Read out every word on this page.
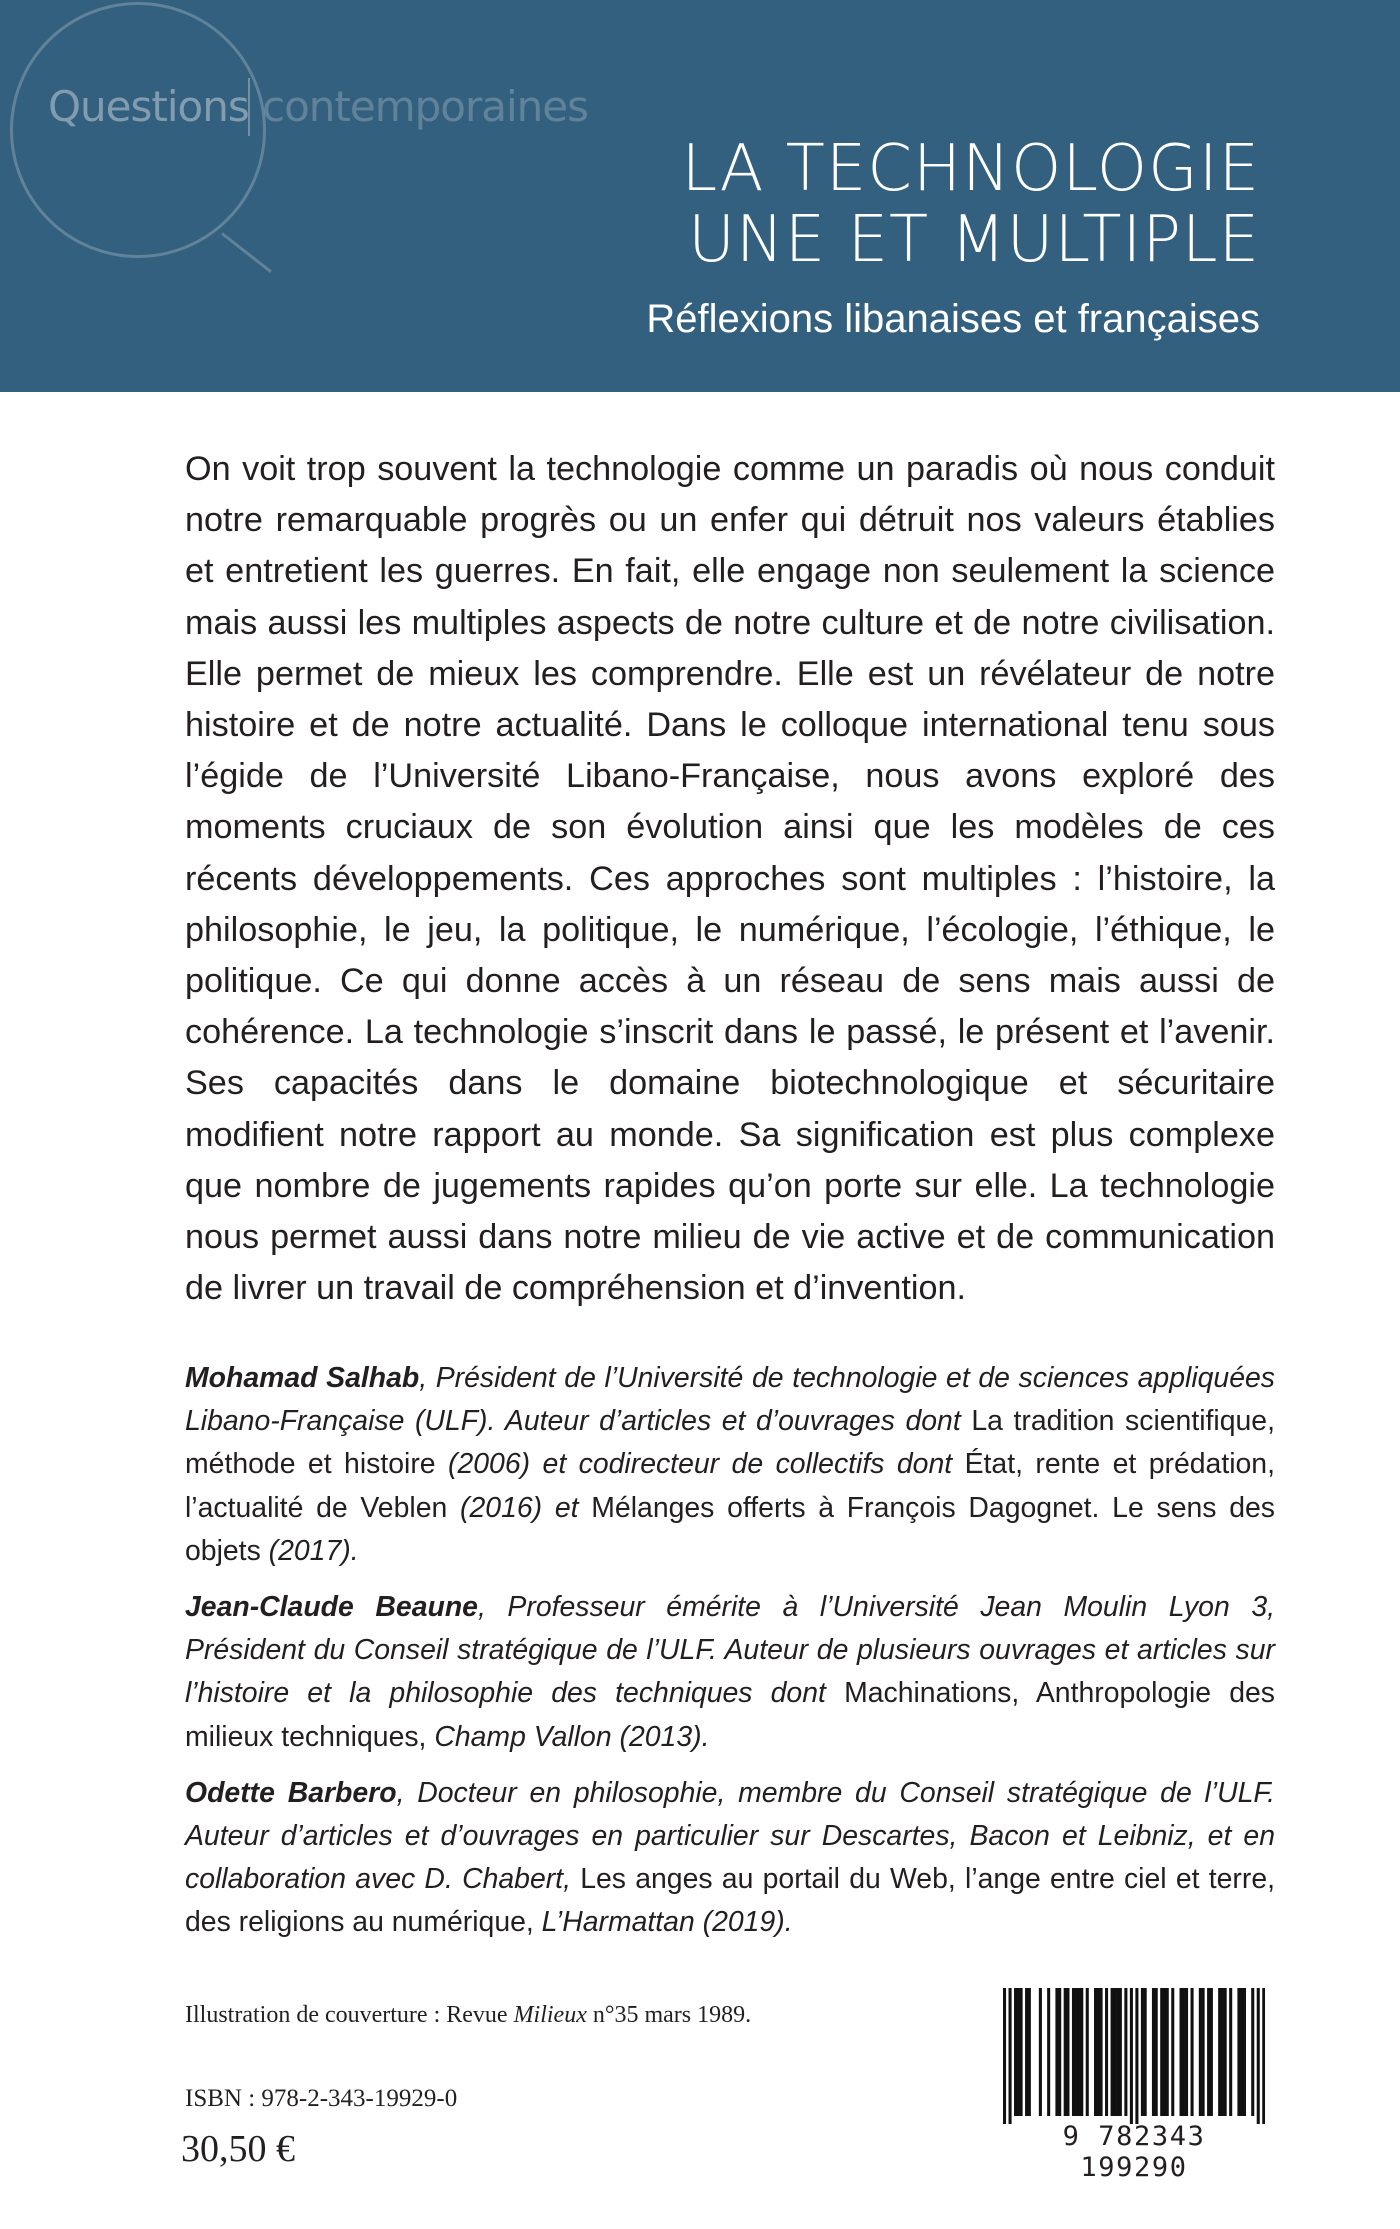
Questions contemporaines
LA TECHNOLOGIE
UNE ET MULTIPLE
Réflexions libanaises et françaises

On voit trop souvent la technologie comme un paradis où nous conduit notre remarquable progrès ou un enfer qui détruit nos valeurs établies et entretient les guerres. En fait, elle engage non seulement la science mais aussi les multiples aspects de notre culture et de notre civilisation. Elle permet de mieux les comprendre. Elle est un révélateur de notre histoire et de notre actualité. Dans le colloque international tenu sous l’égide de l’Université Libano-Française, nous avons exploré des moments cruciaux de son évolution ainsi que les modèles de ces récents développements. Ces approches sont multiples : l’histoire, la philosophie, le jeu, la politique, le numérique, l’écologie, l’éthique, le politique. Ce qui donne accès à un réseau de sens mais aussi de cohérence. La technologie s’inscrit dans le passé, le présent et l’avenir. Ses capacités dans le domaine biotechnologique et sécuritaire modifient notre rapport au monde. Sa signification est plus complexe que nombre de jugements rapides qu’on porte sur elle. La technologie nous permet aussi dans notre milieu de vie active et de communication de livrer un travail de compréhension et d’invention.

Mohamad Salhab, Président de l’Université de technologie et de sciences appliquées Libano-Française (ULF). Auteur d’articles et d’ouvrages dont La tradition scientifique, méthode et histoire (2006) et codirecteur de collectifs dont État, rente et prédation, l’actualité de Veblen (2016) et Mélanges offerts à François Dagognet. Le sens des objets (2017).

Jean-Claude Beaune, Professeur émérite à l’Université Jean Moulin Lyon 3, Président du Conseil stratégique de l’ULF. Auteur de plusieurs ouvrages et articles sur l’histoire et la philosophie des techniques dont Machinations, Anthropologie des milieux techniques, Champ Vallon (2013).

Odette Barbero, Docteur en philosophie, membre du Conseil stratégique de l’ULF. Auteur d’articles et d’ouvrages en particulier sur Descartes, Bacon et Leibniz, et en collaboration avec D. Chabert, Les anges au portail du Web, l’ange entre ciel et terre, des religions au numérique, L’Harmattan (2019).

Illustration de couverture : Revue Milieux n°35 mars 1989.
ISBN : 978-2-343-19929-0
30,50 €	9 782343 199290
